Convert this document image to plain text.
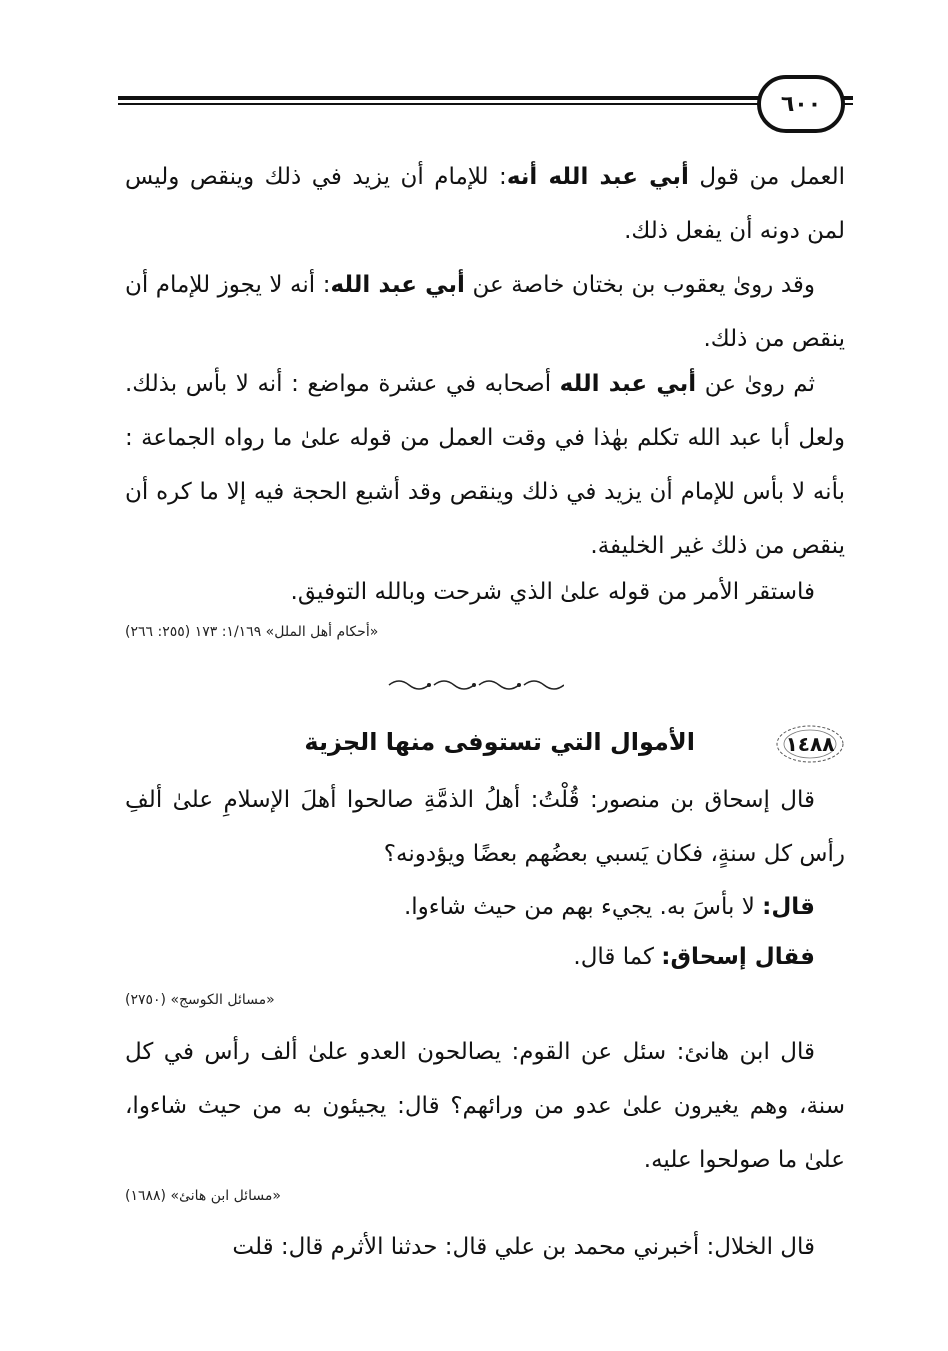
٦٠٠

العمل من قول أبي عبد الله أنه: للإمام أن يزيد في ذلك وينقص وليس لمن دونه أن يفعل ذلك.

وقد روىٰ يعقوب بن بختان خاصة عن أبي عبد الله: أنه لا يجوز للإمام أن ينقص من ذلك.

ثم روىٰ عن أبي عبد الله أصحابه في عشرة مواضع : أنه لا بأس بذلك. ولعل أبا عبد الله تكلم بهٰذا في وقت العمل من قوله علىٰ ما رواه الجماعة : بأنه لا بأس للإمام أن يزيد في ذلك وينقص وقد أشبع الحجة فيه إلا ما كره أن ينقص من ذلك غير الخليفة.

فاستقر الأمر من قوله علىٰ الذي شرحت وبالله التوفيق.

«أحكام أهل الملل» ١/١٦٩: ١٧٣ (٢٥٥: ٢٦٦)
١٤٨٨
الأموال التي تستوفى منها الجزية

قال إسحاق بن منصور: قُلْتُ: أهلُ الذمَّةِ صالحوا أهلَ الإسلامِ علىٰ ألفِ رأس كل سنةٍ، فكان يَسبي بعضُهم بعضًا ويؤدونه؟

قال: لا بأسَ به. يجيء بهم من حيث شاءوا.

فقال إسحاق: كما قال.

«مسائل الكوسج» (٢٧٥٠)

قال ابن هانئ: سئل عن القوم: يصالحون العدو علىٰ ألف رأس في كل سنة، وهم يغيرون علىٰ عدو من ورائهم؟ قال: يجيئون به من حيث شاءوا، علىٰ ما صولحوا عليه.

«مسائل ابن هانئ» (١٦٨٨)

قال الخلال: أخبرني محمد بن علي قال: حدثنا الأثرم قال: قلت
